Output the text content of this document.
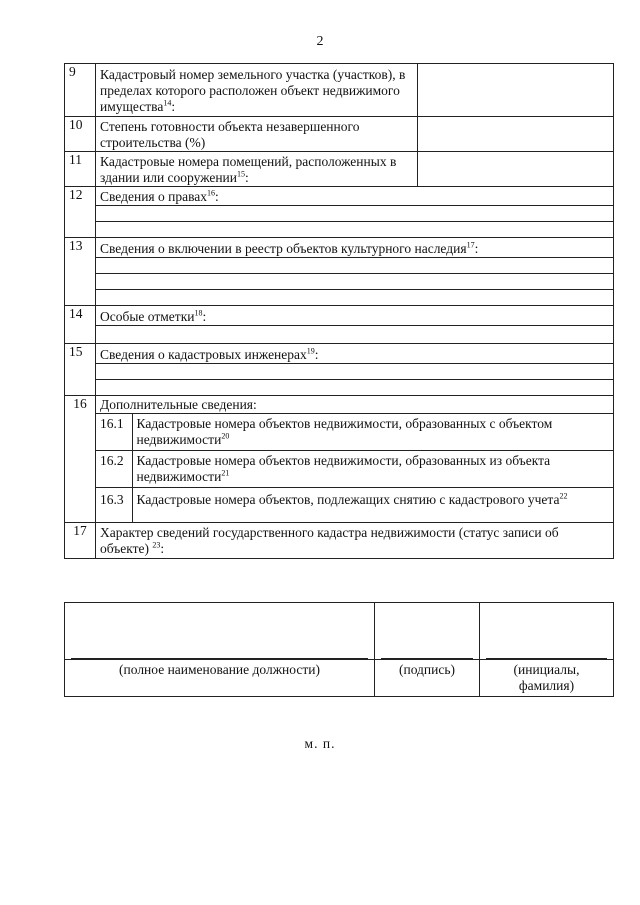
2
9	Кадастровый номер земельного участка (участков), в пределах которого расположен объект недвижимого имущества$^{14}$:	
10	Степень готовности объекта незавершенного строительства (%)	
11	Кадастровые номера помещений, расположенных в здании или сооружении$^{15}$:	
12	Сведения о правах$^{16}$:

13	Сведения о включении в реестр объектов культурного наследия$^{17}$:

14	Особые отметки$^{18}$:

15	Сведения о кадастровых инженерах$^{19}$:

16	Дополнительные сведения:
16.1	Кадастровые номера объектов недвижимости, образованных с объектом недвижимости$^{20}$
16.2	Кадастровые номера объектов недвижимости, образованных из объекта недвижимости$^{21}$
16.3	Кадастровые номера объектов, подлежащих снятию с кадастрового учета$^{22}$

17	Характер сведений государственного кадастра недвижимости (статус записи об объекте) $^{23}$:

(полное наименование должности)	(подпись)	(инициалы, фамилия)
м. п.
